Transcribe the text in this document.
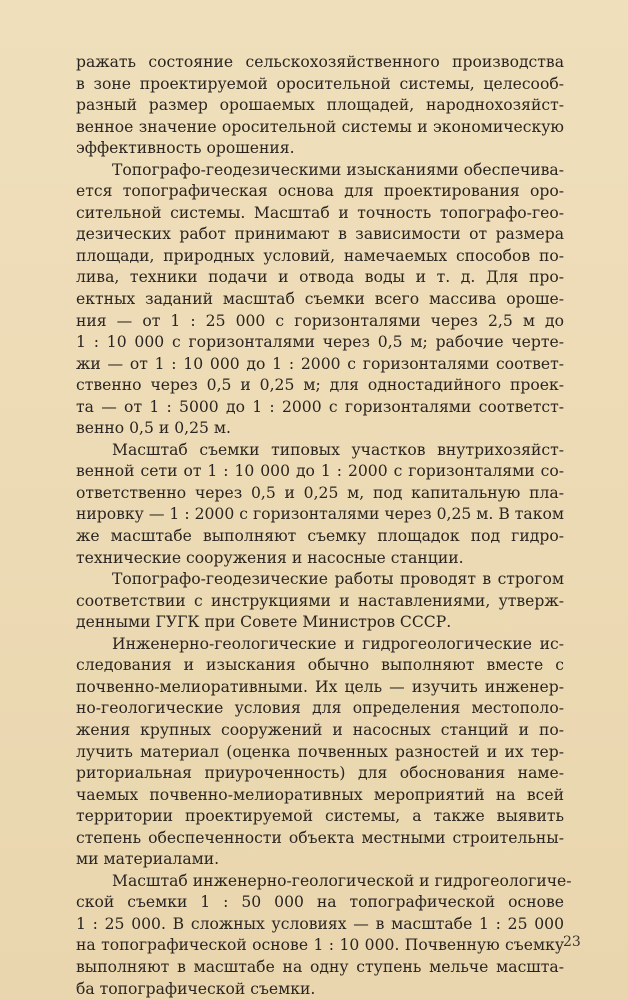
ражать состояние сельскохозяйственного производства
в зоне проектируемой оросительной системы, целесооб-
разный размер орошаемых площадей, народнохозяйст-
венное значение оросительной системы и экономическую
эффективность орошения.
Топографо-геодезическими изысканиями обеспечива-
ется топографическая основа для проектирования оро-
сительной системы. Масштаб и точность топографо-гео-
дезических работ принимают в зависимости от размера
площади, природных условий, намечаемых способов по-
лива, техники подачи и отвода воды и т. д. Для про-
ектных заданий масштаб съемки всего массива ороше-
ния — от 1 : 25 000 с горизонталями через 2,5 м до
1 : 10 000 с горизонталями через 0,5 м; рабочие черте-
жи — от 1 : 10 000 до 1 : 2000 с горизонталями соответ-
ственно через 0,5 и 0,25 м; для одностадийного проек-
та — от 1 : 5000 до 1 : 2000 с горизонталями соответст-
венно 0,5 и 0,25 м.
Масштаб съемки типовых участков внутрихозяйст-
венной сети от 1 : 10 000 до 1 : 2000 с горизонталями со-
ответственно через 0,5 и 0,25 м, под капитальную пла-
нировку — 1 : 2000 с горизонталями через 0,25 м. В таком
же масштабе выполняют съемку площадок под гидро-
технические сооружения и насосные станции.
Топографо-геодезические работы проводят в строгом
соответствии с инструкциями и наставлениями, утверж-
денными ГУГК при Совете Министров СССР.
Инженерно-геологические и гидрогеологические ис-
следования и изыскания обычно выполняют вместе с
почвенно-мелиоративными. Их цель — изучить инженер-
но-геологические условия для определения местополо-
жения крупных сооружений и насосных станций и по-
лучить материал (оценка почвенных разностей и их тер-
риториальная приуроченность) для обоснования наме-
чаемых почвенно-мелиоративных мероприятий на всей
территории проектируемой системы, а также выявить
степень обеспеченности объекта местными строительны-
ми материалами.
Масштаб инженерно-геологической и гидрогеологиче-
ской съемки 1 : 50 000 на топографической основе
1 : 25 000. В сложных условиях — в масштабе 1 : 25 000
на топографической основе 1 : 10 000. Почвенную съемку
выполняют в масштабе на одну ступень мельче масшта-
ба топографической съемки.
23
